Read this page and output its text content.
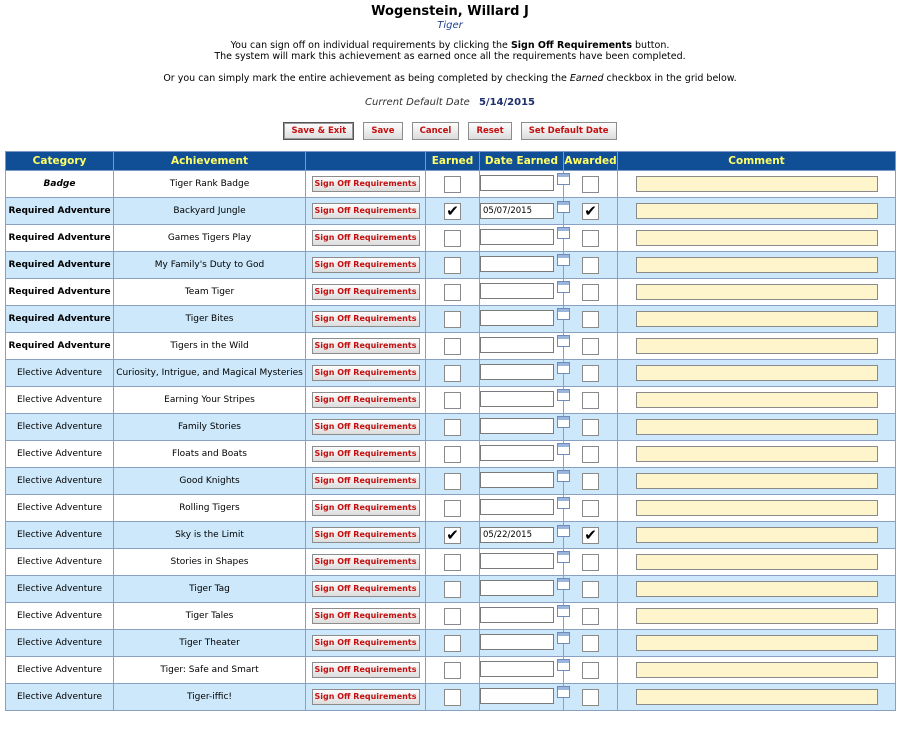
Wogenstein, Willard J
Tiger
You can sign off on individual requirements by clicking the Sign Off Requirements button.
The system will mark this achievement as earned once all the requirements have been completed.
Or you can simply mark the entire achievement as being completed by checking the Earned checkbox in the grid below.
Current Default Date 5/14/2015
Save & Exit	Save	Cancel	Reset	Set Default Date
Category	Achievement		Earned	Date Earned	Awarded	Comment
Badge	Tiger Rank Badge	Sign Off Requirements		

Required Adventure	Backyard Jungle	Sign Off Requirements	✔	05/07/2015	✔	

Required Adventure	Games Tigers Play	Sign Off Requirements		

Required Adventure	My Family's Duty to God	Sign Off Requirements		

Required Adventure	Team Tiger	Sign Off Requirements		

Required Adventure	Tiger Bites	Sign Off Requirements		

Required Adventure	Tigers in the Wild	Sign Off Requirements		

Elective Adventure	Curiosity, Intrigue, and Magical Mysteries	Sign Off Requirements		

Elective Adventure	Earning Your Stripes	Sign Off Requirements		

Elective Adventure	Family Stories	Sign Off Requirements		

Elective Adventure	Floats and Boats	Sign Off Requirements		

Elective Adventure	Good Knights	Sign Off Requirements		

Elective Adventure	Rolling Tigers	Sign Off Requirements		

Elective Adventure	Sky is the Limit	Sign Off Requirements	✔	05/22/2015	✔	

Elective Adventure	Stories in Shapes	Sign Off Requirements		

Elective Adventure	Tiger Tag	Sign Off Requirements		

Elective Adventure	Tiger Tales	Sign Off Requirements		

Elective Adventure	Tiger Theater	Sign Off Requirements		

Elective Adventure	Tiger: Safe and Smart	Sign Off Requirements		

Elective Adventure	Tiger-iffic!	Sign Off Requirements		
